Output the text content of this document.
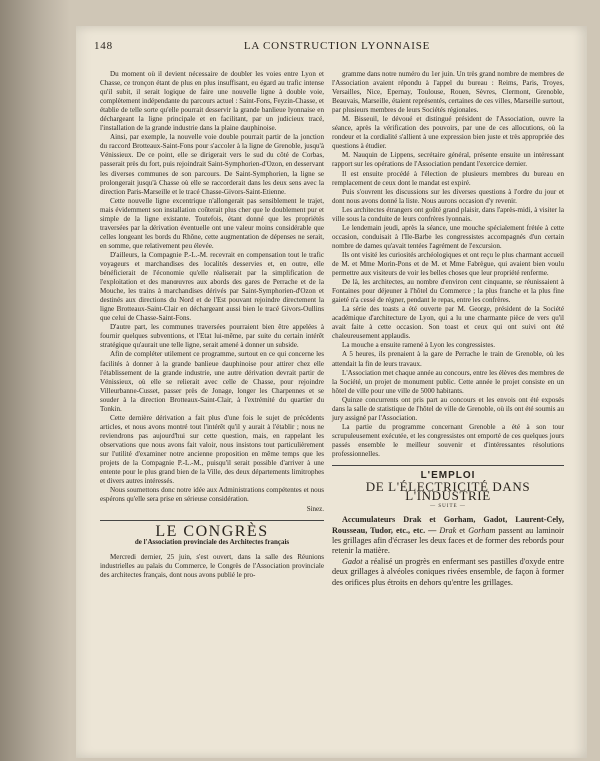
148	LA CONSTRUCTION LYONNAISE

Du moment où il devient nécessaire de doubler les voies entre Lyon et Chasse, ce tronçon étant de plus en plus insuffisant, eu égard au trafic intense qu'il subit, il serait logique de faire une nouvelle ligne à double voie, complètement indépendante du parcours actuel : Saint-Fons, Feyzin-Chasse, et établie de telle sorte qu'elle pourrait desservir la grande banlieue lyonnaise en déchargeant la ligne principale et en facilitant, par un judicieux tracé, l'installation de la grande industrie dans la plaine dauphinoise.

Ainsi, par exemple, la nouvelle voie double pourrait partir de la jonction du raccord Brotteaux-Saint-Fons pour s'accoler à la ligne de Grenoble, jusqu'à Vénissieux. De ce point, elle se dirigerait vers le sud du côté de Corbas, passerait près du fort, puis rejoindrait Saint-Symphorien-d'Ozon, en desservant les diverses communes de son parcours. De Saint-Symphorien, la ligne se prolongerait jusqu'à Chasse où elle se raccorderait dans les deux sens avec la direction Paris-Marseille et le tracé Chasse-Givors-Saint-Etienne.

Cette nouvelle ligne excentrique n'allongerait pas sensiblement le trajet, mais évidemment son installation coûterait plus cher que le doublement pur et simple de la ligne existante. Toutefois, étant donné que les propriétés traversées par la dérivation éventuelle ont une valeur moins considérable que celles longeant les bords du Rhône, cette augmentation de dépenses ne serait, en somme, que relativement peu élevée.

D'ailleurs, la Compagnie P.-L.-M. recevrait en compensation tout le trafic voyageurs et marchandises des localités desservies et, en outre, elle bénéficierait de l'économie qu'elle réaliserait par la simplification de l'exploitation et des manœuvres aux abords des gares de Perrache et de la Mouche, les trains à marchandises dérivés par Saint-Symphorien-d'Ozon et destinés aux directions du Nord et de l'Est pouvant rejoindre directement la ligne Brotteaux-Saint-Clair en déchargeant aussi bien le tracé Givors-Oullins que celui de Chasse-Saint-Fons.

D'autre part, les communes traversées pourraient bien être appelées à fournir quelques subventions, et l'Etat lui-même, par suite du certain intérêt stratégique qu'aurait une telle ligne, serait amené à donner un subside.

Afin de compléter utilement ce programme, surtout en ce qui concerne les facilités à donner à la grande banlieue dauphinoise pour attirer chez elle l'établissement de la grande industrie, une autre dérivation devrait partir de Vénissieux, où elle se relierait avec celle de Chasse, pour rejoindre Villeurbanne-Cusset, passer près de Jonage, longer les Charpennes et se souder à la direction Brotteaux-Saint-Clair, à l'extrémité du quartier du Tonkin.

Cette dernière dérivation a fait plus d'une fois le sujet de précédents articles, et nous avons montré tout l'intérêt qu'il y aurait à l'établir ; nous ne reviendrons pas aujourd'hui sur cette question, mais, en rappelant les observations que nous avons fait valoir, nous insistons tout particulièrement sur l'utilité d'examiner notre ancienne proposition en même temps que les projets de la Compagnie P.-L.-M., puisqu'il serait possible d'arriver à une entente pour le plus grand bien de la Ville, des deux départements limitrophes et divers autres intéressés.

Nous soumettons donc notre idée aux Administrations compétentes et nous espérons qu'elle sera prise en sérieuse considération.

Sinez.
LE CONGRÈS
de l'Association provinciale des Architectes français

Mercredi dernier, 25 juin, s'est ouvert, dans la salle des Réunions industrielles au palais du Commerce, le Congrès de l'Association provinciale des architectes français, dont nous avons publié le pro-

gramme dans notre numéro du 1er juin. Un très grand nombre de membres de l'Association avaient répondu à l'appel du bureau : Reims, Paris, Troyes, Versailles, Nice, Epernay, Toulouse, Rouen, Sèvres, Clermont, Grenoble, Beauvais, Marseille, étaient représentés, certaines de ces villes, Marseille surtout, par plusieurs membres de leurs Sociétés régionales.

M. Bisseuil, le dévoué et distingué président de l'Association, ouvre la séance, après la vérification des pouvoirs, par une de ces allocutions, où la rondeur et la cordialité s'allient à une expression bien juste et très appropriée des questions à étudier.

M. Nauquin de Lippens, secrétaire général, présente ensuite un intéressant rapport sur les opérations de l'Association pendant l'exercice dernier.

Il est ensuite procédé à l'élection de plusieurs membres du bureau en remplacement de ceux dont le mandat est expiré.

Puis s'ouvrent les discussions sur les diverses questions à l'ordre du jour et dont nous avons donné la liste. Nous aurons occasion d'y revenir.

Les architectes étrangers ont goûté grand plaisir, dans l'après-midi, à visiter la ville sous la conduite de leurs confrères lyonnais.

Le lendemain jeudi, après la séance, une mouche spécialement frétée à cette occasion, conduisait à l'Ile-Barbe les congressistes accompagnés d'un certain nombre de dames qu'avait tentées l'agrément de l'excursion.

Ils ont visité les curiosités archéologiques et ont reçu le plus charmant accueil de M. et Mme Morin-Pons et de M. et Mme Fabrègue, qui avaient bien voulu permettre aux visiteurs de voir les belles choses que leur propriété renferme.

De là, les architectes, au nombre d'environ cent cinquante, se réunissaient à Fontaines pour déjeuner à l'hôtel du Commerce ; la plus franche et la plus fine gaieté n'a cessé de régner, pendant le repas, entre les confrères.

La série des toasts a été ouverte par M. George, président de la Société académique d'architecture de Lyon, qui a lu une charmante pièce de vers qu'il avait faite à cette occasion. Son toast et ceux qui ont suivi ont été chaleureusement applaudis.

La mouche a ensuite ramené à Lyon les congressistes.

A 5 heures, ils prenaient à la gare de Perrache le train de Grenoble, où les attendait la fin de leurs travaux.

L'Association met chaque année au concours, entre les élèves des membres de la Société, un projet de monument public. Cette année le projet consiste en un hôtel de ville pour une ville de 5000 habitants.

Quinze concurrents ont pris part au concours et les envois ont été exposés dans la salle de statistique de l'hôtel de ville de Grenoble, où ils ont été soumis au jury assigné par l'Association.

La partie du programme concernant Grenoble a été à son tour scrupuleusement exécutée, et les congressistes ont emporté de ces quelques jours passés ensemble le meilleur souvenir et d'intéressantes résolutions professionnelles.

L'EMPLOI
DE L'ÉLECTRICITÉ DANS L'INDUSTRIE
— SUITE —

Accumulateurs Drak et Gorham, Gadot, Laurent-Cely, Rousseau, Tudor, etc., etc. — Drak et Gorham passent au laminoir les grillages afin d'écraser les deux faces et de former des rebords pour retenir la matière.

Gadot a réalisé un progrès en enfermant ses pastilles d'oxyde entre deux grillages à alvéoles coniques rivées ensemble, de façon à former des orifices plus étroits en dehors qu'entre les grillages.
